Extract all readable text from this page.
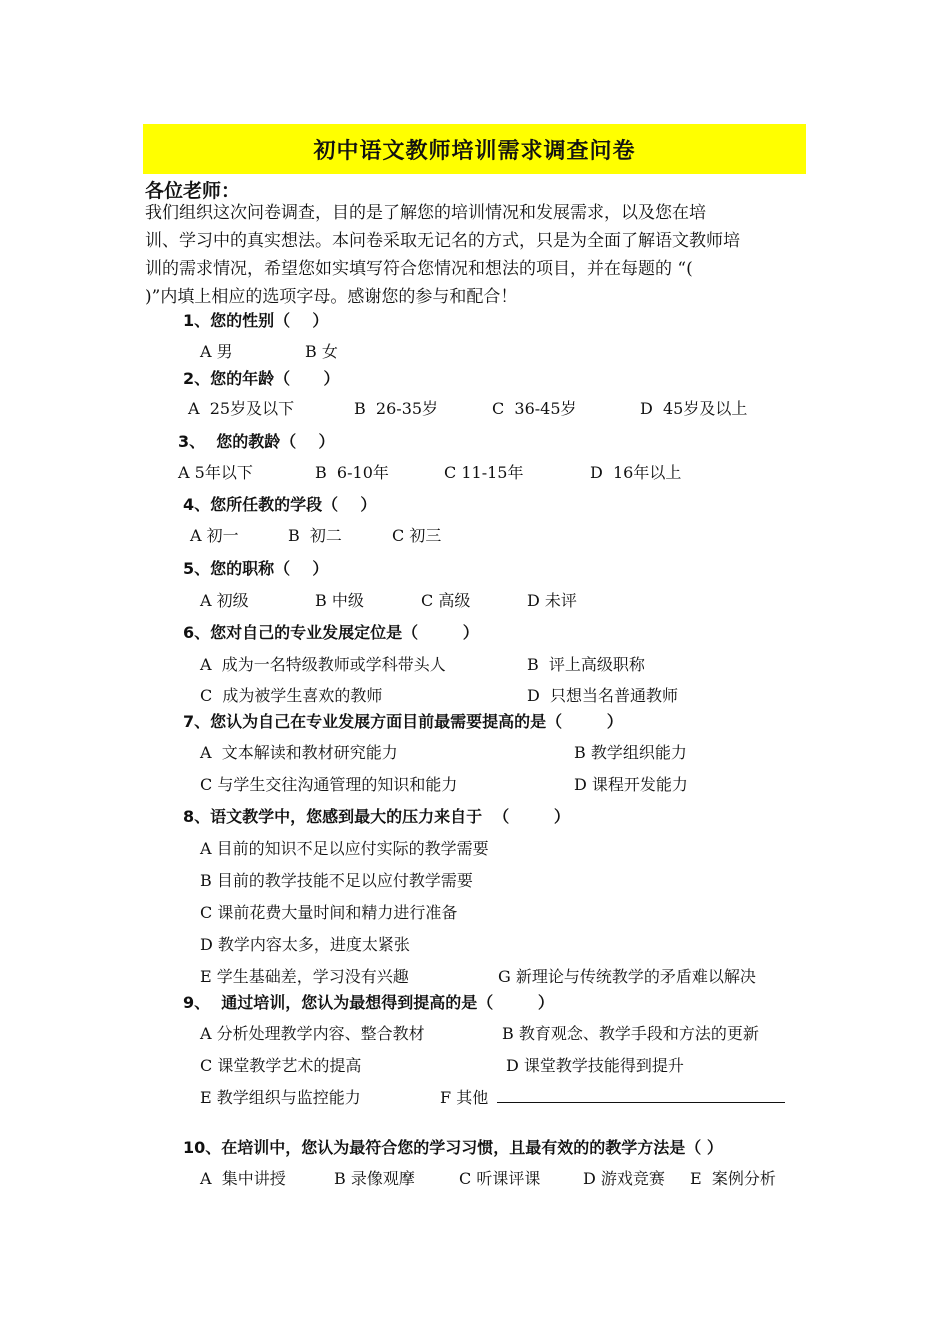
初中语文教师培训需求调查问卷
各位老师：
我们组织这次问卷调查，目的是了解您的培训情况和发展需求，以及您在培
训、学习中的真实想法。本问卷采取无记名的方式，只是为全面了解语文教师培
训的需求情况，希望您如实填写符合您情况和想法的项目，并在每题的 “(
)”内填上相应的选项字母。感谢您的参与和配合！
1、您的性别（    ）
A 男	B 女
2、您的年龄（      ）
A  25岁及以下	B  26-35岁	C  36-45岁	D  45岁及以上
3、  您的教龄（    ）
A 5年以下	B  6-10年	C 11-15年	D  16年以上
4、您所任教的学段（    ）
A 初一	B  初二	C 初三
5、您的职称（    ）
A 初级	B 中级	C 高级	D 未评
6、您对自己的专业发展定位是（        ）
A  成为一名特级教师或学科带头人	B  评上高级职称
C  成为被学生喜欢的教师	D  只想当名普通教师
7、您认为自己在专业发展方面目前最需要提高的是（        ）
A  文本解读和教材研究能力	B 教学组织能力
C 与学生交往沟通管理的知识和能力	D 课程开发能力
8、语文教学中，您感到最大的压力来自于  （        ）
A 目前的知识不足以应付实际的教学需要
B 目前的教学技能不足以应付教学需要
C 课前花费大量时间和精力进行准备
D 教学内容太多，进度太紧张
E 学生基础差，学习没有兴趣	G 新理论与传统教学的矛盾难以解决
9、  通过培训，您认为最想得到提高的是（        ）
A 分析处理教学内容、整合教材	B 教育观念、教学手段和方法的更新
C 课堂教学艺术的提高	D 课堂教学技能得到提升
E 教学组织与监控能力	F 其他
10、在培训中，您认为最符合您的学习习惯，且最有效的的教学方法是（ ）
A  集中讲授	B 录像观摩	C 听课评课	D 游戏竞赛 E  案例分析
